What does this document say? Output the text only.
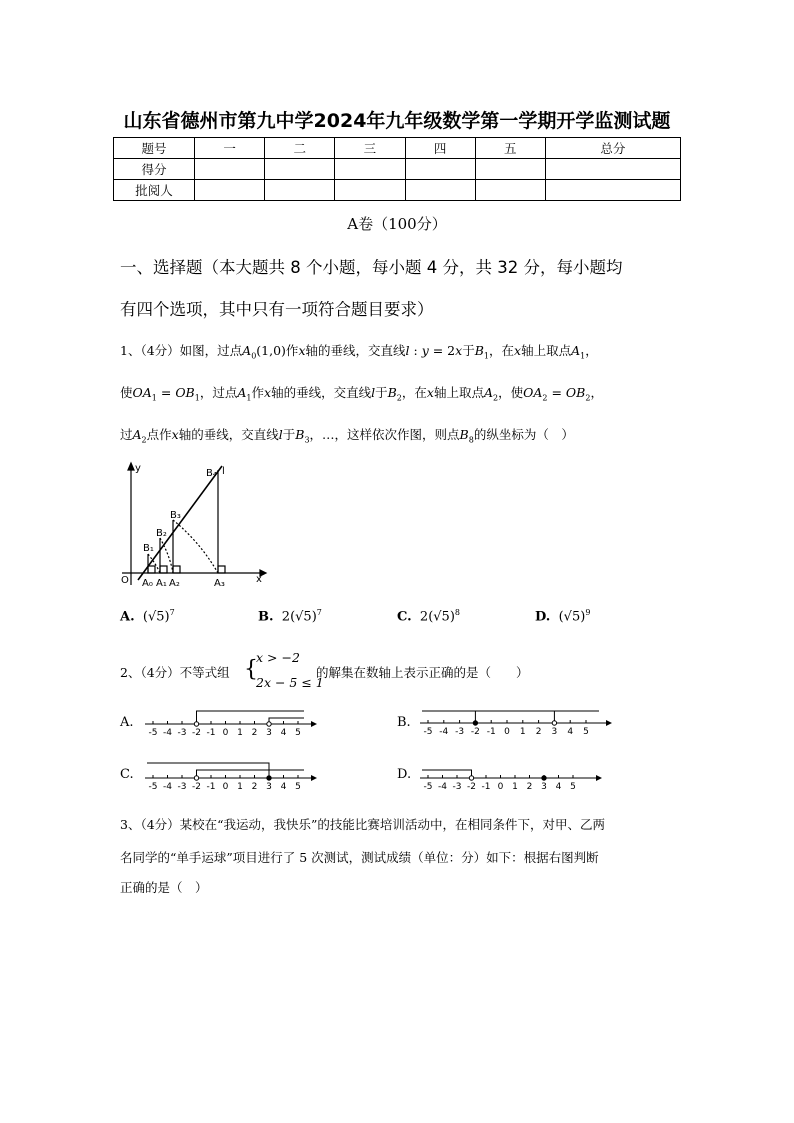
山东省德州市第九中学2024年九年级数学第一学期开学监测试题
题号	一	二	三	四	五	总分
得分						
批阅人						
A卷（100分）
一、选择题（本大题共 8 个小题，每小题 4 分，共 32 分，每小题均
有四个选项，其中只有一项符合题目要求）
1、（4分）如图，过点$A_0(1,0)$作x轴的垂线，交直线l : y = 2x于$B_1$，在x轴上取点$A_1$，
使$OA_1 = OB_1$，过点$A_1$作x轴的垂线，交直线l于$B_2$，在x轴上取点$A_2$，使$OA_2 = OB_2$，
过$A_2$点作x轴的垂线，交直线l于$B_3$，…，这样依次作图，则点$B_8$的纵坐标为（　）
B₄ l
B₃
B₂
B₁
O A₀ A₁ A₂	A₃	x
y
A. $(√5)^7$	B. $2(√5)^7$	C. $2(√5)^8$	D. $(√5)^9$
2、（4分）不等式组 {
x > −2
2x − 5 ≤ 1
的解集在数轴上表示正确的是（　　）
A.	B.
C.	D.
-5 -4 -3 -2 -1 0 1 2 3 4 5	-5 -4 -3 -2 -1 0 1 2 3 4 5
-5 -4 -3 -2 -1 0 1 2 3 4 5	-5 -4 -3 -2 -1 0 1 2 3 4 5
3、（4分）某校在“我运动，我快乐”的技能比赛培训活动中，在相同条件下，对甲、乙两
名同学的“单手运球”项目进行了 5 次测试，测试成绩（单位：分）如下：根据右图判断
正确的是（　）
